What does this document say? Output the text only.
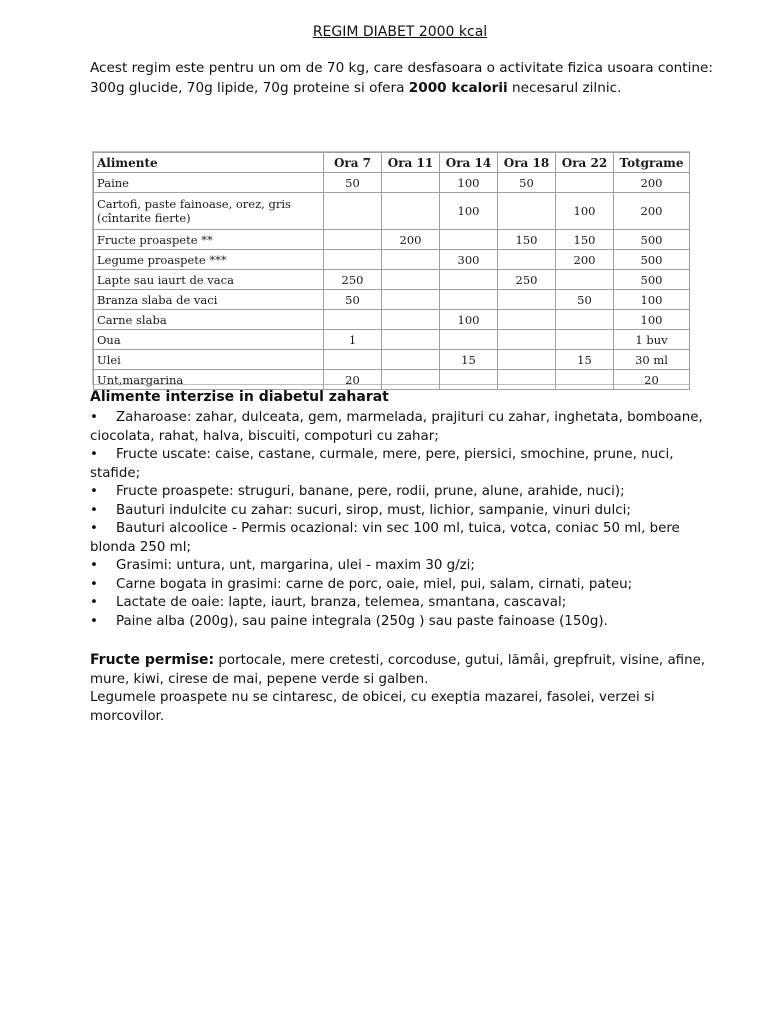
REGIM DIABET 2000 kcal
Acest regim este pentru un om de 70 kg, care desfasoara o activitate fizica usoara contine: 300g glucide, 70g lipide, 70g proteine si ofera 2000 kcalorii necesarul zilnic.
Alimente	Ora 7	Ora 11	Ora 14	Ora 18	Ora 22	Totgrame
Paine	50		100	50		200
Cartofi, paste fainoase, orez, gris (cîntarite fierte)			100		100	200
Fructe proaspete **		200		150	150	500
Legume proaspete ***			300		200	500
Lapte sau iaurt de vaca	250			250		500
Branza slaba de vaci	50				50	100
Carne slaba			100			100
Oua	1					1 buv
Ulei			15		15	30 ml
Unt,margarina	20					20
Alimente interzise in diabetul zaharat
• Zaharoase: zahar, dulceata, gem, marmelada, prajituri cu zahar, inghetata, bomboane, ciocolata, rahat, halva, biscuiti, compoturi cu zahar;
• Fructe uscate: caise, castane, curmale, mere, pere, piersici, smochine, prune, nuci, stafide;
• Fructe proaspete: struguri, banane, pere, rodii, prune, alune, arahide, nuci);
• Bauturi indulcite cu zahar: sucuri, sirop, must, lichior, sampanie, vinuri dulci;
• Bauturi alcoolice - Permis ocazional: vin sec 100 ml, tuica, votca, coniac 50 ml, bere blonda 250 ml;
• Grasimi: untura, unt, margarina, ulei - maxim 30 g/zi;
• Carne bogata in grasimi: carne de porc, oaie, miel, pui, salam, cirnati, pateu;
• Lactate de oaie: lapte, iaurt, branza, telemea, smantana, cascaval;
• Paine alba (200g), sau paine integrala (250g ) sau paste fainoase (150g).
Fructe permise: portocale, mere cretesti, corcoduse, gutui, lămâi, grepfruit, visine, afine, mure, kiwi, cirese de mai, pepene verde si galben.
Legumele proaspete nu se cintaresc, de obicei, cu exeptia mazarei, fasolei, verzei si morcovilor.
